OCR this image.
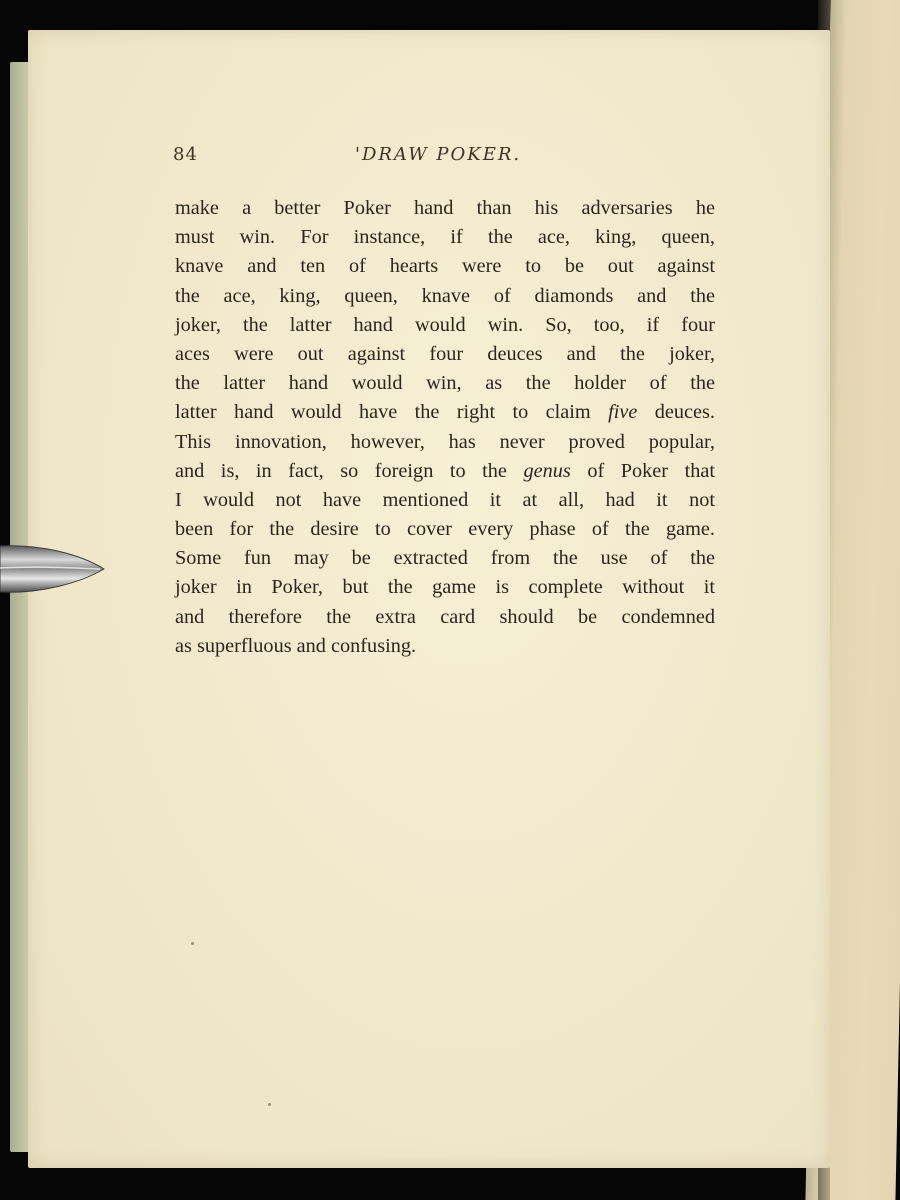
84	'DRAW POKER.
make a better Poker hand than his adversaries he
must win. For instance, if the ace, king, queen,
knave and ten of hearts were to be out against
the ace, king, queen, knave of diamonds and the
joker, the latter hand would win. So, too, if four
aces were out against four deuces and the joker,
the latter hand would win, as the holder of the
latter hand would have the right to claim five deuces.
This innovation, however, has never proved popular,
and is, in fact, so foreign to the genus of Poker that
I would not have mentioned it at all, had it not
been for the desire to cover every phase of the game.
Some fun may be extracted from the use of the
joker in Poker, but the game is complete without it
and therefore the extra card should be condemned
as superfluous and confusing.
